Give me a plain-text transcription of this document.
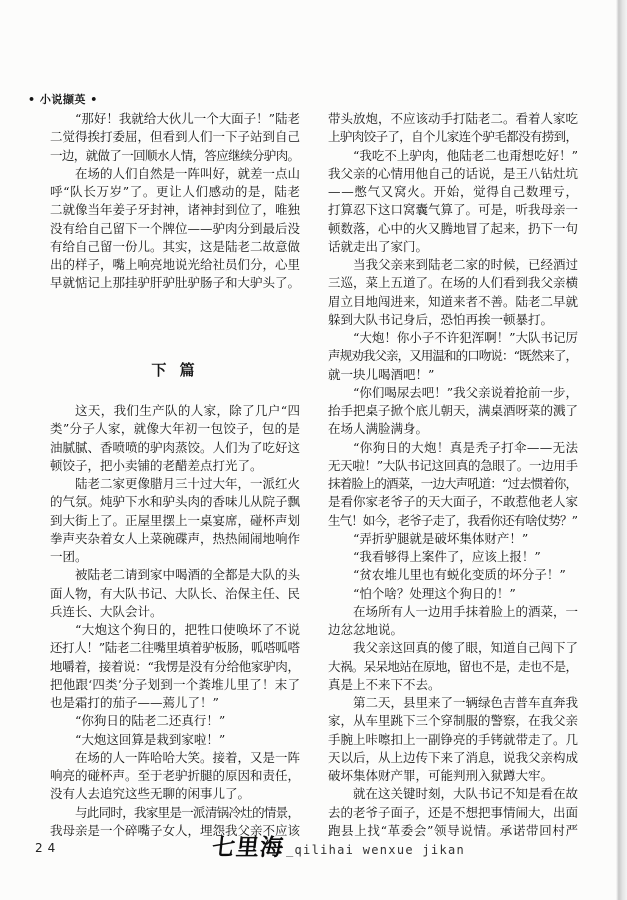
• 小说撷英 •
“那好！我就给大伙儿一个大面子！”陆老
二觉得挨打委屈，但看到人们一下子站到自己
一边，就做了一回顺水人情，答应继续分驴肉。
在场的人们自然是一阵叫好，就差一点山
呼“队长万岁”了。更让人们感动的是，陆老
二就像当年姜子牙封神，诸神封到位了，唯独
没有给自己留下一个牌位——驴肉分到最后没
有给自己留一份儿。其实，这是陆老二故意做
出的样子，嘴上响亮地说光给社员们分，心里
早就惦记上那挂驴肝驴肚驴肠子和大驴头了。
下 篇
这天，我们生产队的人家，除了几户“四
类”分子人家，就像大年初一包饺子，包的是
油腻腻、香喷喷的驴肉蒸饺。人们为了吃好这
顿饺子，把小卖铺的老醋差点打光了。
陆老二家更像腊月三十过大年，一派红火
的气氛。炖驴下水和驴头肉的香味儿从院子飘
到大街上了。正屋里摆上一桌宴席，碰杯声划
拳声夹杂着女人上菜碗碟声，热热闹闹地响作
一团。
被陆老二请到家中喝酒的全都是大队的头
面人物，有大队书记、大队长、治保主任、民
兵连长、大队会计。
“大炮这个狗日的，把牲口使唤坏了不说
还打人！”陆老二往嘴里填着驴板肠，呱嗒呱嗒
地嚼着，接着说：“我愣是没有分给他家驴肉，
把他跟‘四类’分子划到一个粪堆儿里了！末了
也是霜打的茄子——蔫儿了！”
“你狗日的陆老二还真行！”
“大炮这回算是栽到家啦！”
在场的人一阵哈哈大笑。接着，又是一阵
响亮的碰杯声。至于老驴折腿的原因和责任，
没有人去追究这些无聊的闲事儿了。
与此同时，我家里是一派清锅冷灶的情景，
我母亲是一个碎嘴子女人，埋怨我父亲不应该
带头放炮，不应该动手打陆老二。看着人家吃
上驴肉饺子了，自个儿家连个驴毛都没有捞到，
“我吃不上驴肉，他陆老二也甭想吃好！”
我父亲的心情用他自己的话说，是王八钻灶坑
——憋气又窝火。开始，觉得自己数理亏，
打算忍下这口窝囊气算了。可是，听我母亲一
顿数落，心中的火又腾地冒了起来，扔下一句
话就走出了家门。
当我父亲来到陆老二家的时候，已经酒过
三巡，菜上五道了。在场的人们看到我父亲横
眉立目地闯进来，知道来者不善。陆老二早就
躲到大队书记身后，恐怕再挨一顿暴打。
“大炮！你小子不许犯浑啊！”大队书记厉
声规劝我父亲，又用温和的口吻说：“既然来了，
就一块儿喝酒吧！”
“你们喝尿去吧！”我父亲说着抢前一步，
抬手把桌子掀个底儿朝天，满桌酒呀菜的溅了
在场人满脸满身。
“你狗日的大炮！真是秃子打伞——无法
无天啦！”大队书记这回真的急眼了。一边用手
抹着脸上的酒菜，一边大声吼道：“过去惯着你，
是看你家老爷子的天大面子，不敢惹他老人家
生气！如今，老爷子走了，我看你还有啥仗势？”
“弄折驴腿就是破坏集体财产！”
“我看够得上案件了，应该上报！”
“贫农堆儿里也有蜕化变质的坏分子！”
“怕个啥？处理这个狗日的！”
在场所有人一边用手抹着脸上的酒菜，一
边忿忿地说。
我父亲这回真的傻了眼，知道自己闯下了
大祸。呆呆地站在原地，留也不是，走也不是，
真是上不来下不去。
第二天，县里来了一辆绿色吉普车直奔我
家，从车里跳下三个穿制服的警察，在我父亲
手腕上咔嚓扣上一副铮亮的手铐就带走了。几
天以后，从上边传下来了消息，说我父亲构成
破坏集体财产罪，可能判刑入狱蹲大牢。
就在这关键时刻，大队书记不知是看在故
去的老爷子面子，还是不想把事情闹大，出面
跑县上找“革委会”领导说情。承诺带回村严
24	七里海 _qilihai wenxue jikan
